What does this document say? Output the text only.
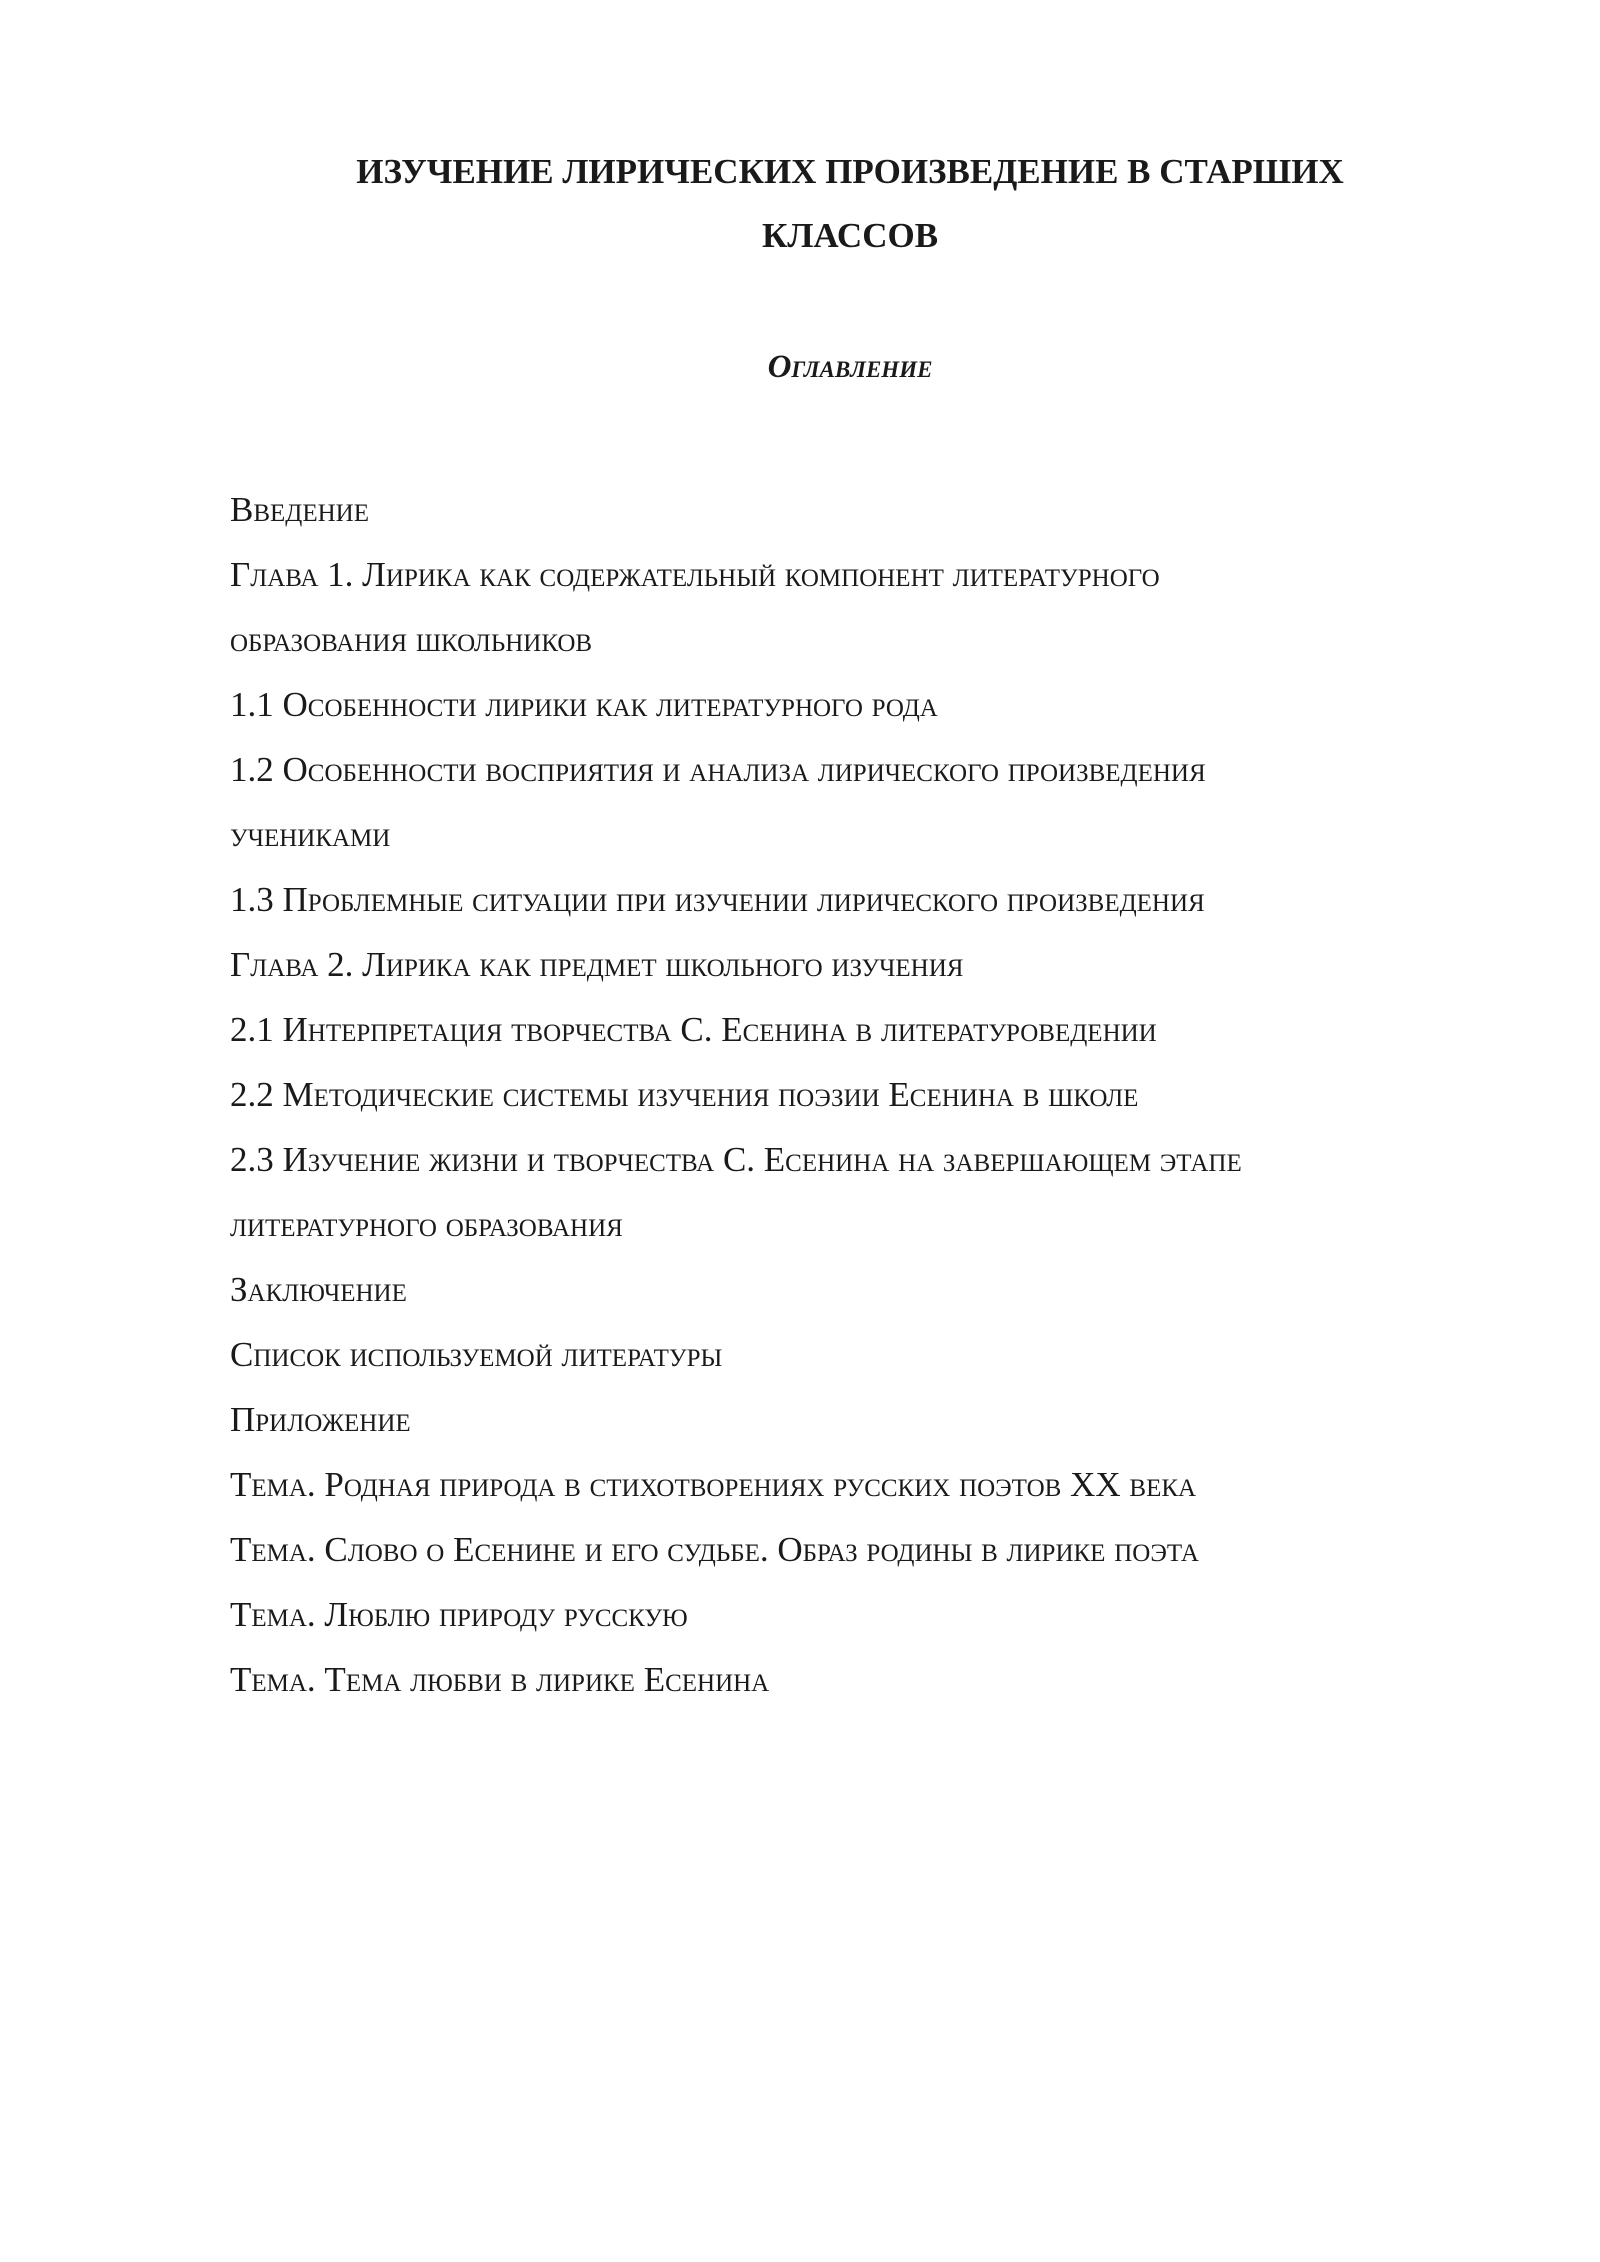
ИЗУЧЕНИЕ ЛИРИЧЕСКИХ ПРОИЗВЕДЕНИЕ В СТАРШИХ
КЛАССОВ
Оглавление
Введение
Глава 1. Лирика как содержательный компонент литературного
образования школьников
1.1 Особенности лирики как литературного рода
1.2 Особенности восприятия и анализа лирического произведения
учениками
1.3 Проблемные ситуации при изучении лирического произведения
Глава 2. Лирика как предмет школьного изучения
2.1 Интерпретация творчества С. Есенина в литературоведении
2.2 Методические системы изучения поэзии Есенина в школе
2.3 Изучение жизни и творчества С. Есенина на завершающем этапе
литературного образования
Заключение
Список используемой литературы
Приложение
Тема. Родная природа в стихотворениях русских поэтов XX века
Тема. Слово о Есенине и его судьбе. Образ родины в лирике поэта
Тема. Люблю природу русскую
Тема. Тема любви в лирике Есенина
